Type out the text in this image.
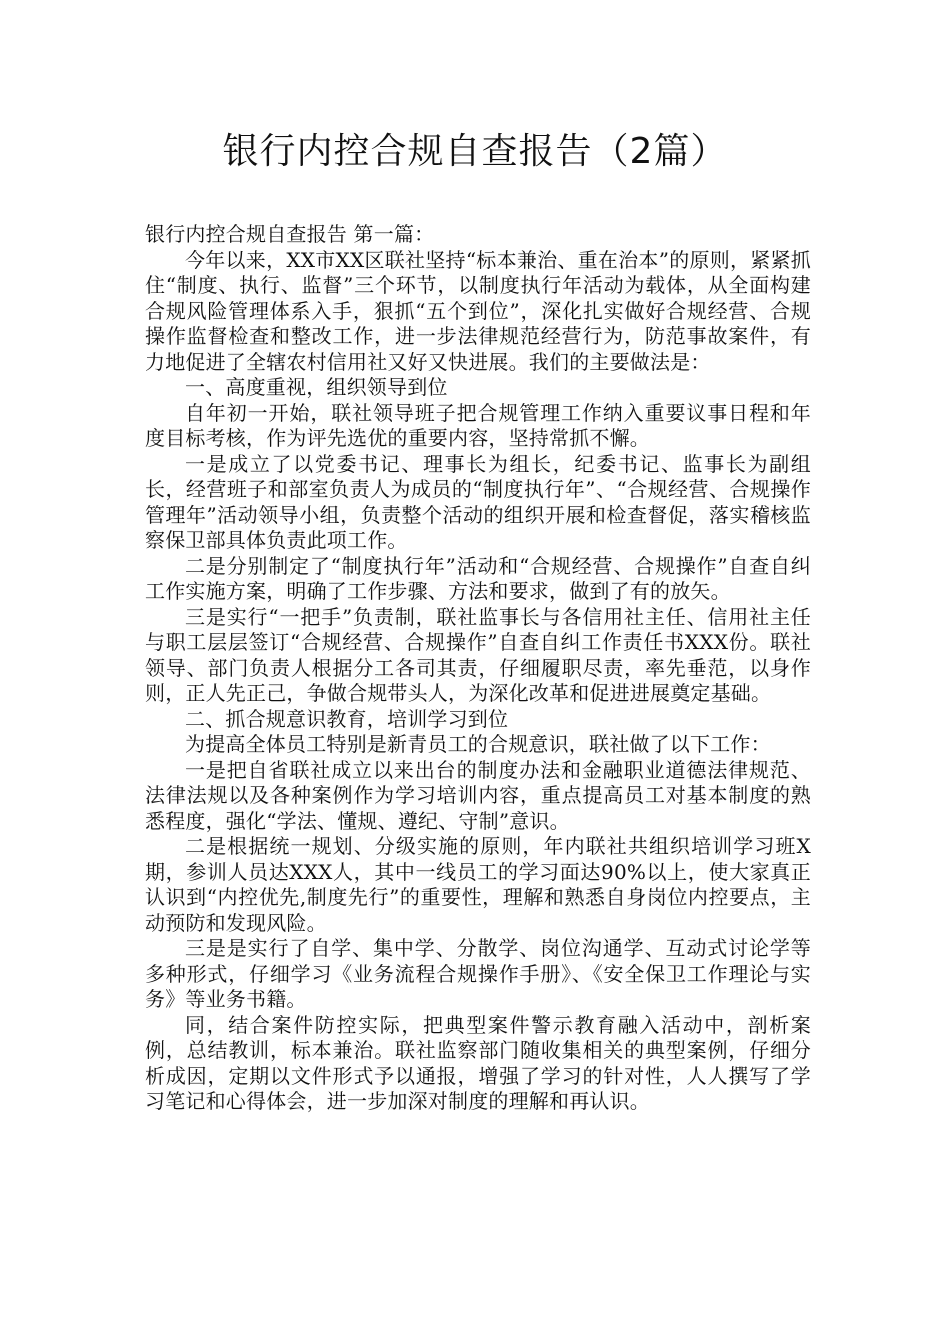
银行内控合规自查报告（2篇）

银行内控合规自查报告 第一篇：

今年以来，XX市XX区联社坚持“标本兼治、重在治本”的原则，紧紧抓住“制度、执行、监督”三个环节，以制度执行年活动为载体，从全面构建合规风险管理体系入手，狠抓“五个到位”，深化扎实做好合规经营、合规操作监督检查和整改工作，进一步法律规范经营行为，防范事故案件，有力地促进了全辖农村信用社又好又快进展。我们的主要做法是：

一、高度重视，组织领导到位

自年初一开始，联社领导班子把合规管理工作纳入重要议事日程和年度目标考核，作为评先选优的重要内容，坚持常抓不懈。

一是成立了以党委书记、理事长为组长，纪委书记、监事长为副组长，经营班子和部室负责人为成员的“制度执行年”、“合规经营、合规操作管理年”活动领导小组，负责整个活动的组织开展和检查督促，落实稽核监察保卫部具体负责此项工作。

二是分别制定了“制度执行年”活动和“合规经营、合规操作”自查自纠工作实施方案，明确了工作步骤、方法和要求，做到了有的放矢。

三是实行“一把手”负责制，联社监事长与各信用社主任、信用社主任与职工层层签订“合规经营、合规操作”自查自纠工作责任书XXX份。联社领导、部门负责人根据分工各司其责，仔细履职尽责，率先垂范，以身作则，正人先正己，争做合规带头人，为深化改革和促进进展奠定基础。

二、抓合规意识教育，培训学习到位

为提高全体员工特别是新青员工的合规意识，联社做了以下工作：

一是把自省联社成立以来出台的制度办法和金融职业道德法律规范、法律法规以及各种案例作为学习培训内容，重点提高员工对基本制度的熟悉程度，强化“学法、懂规、遵纪、守制”意识。

二是根据统一规划、分级实施的原则，年内联社共组织培训学习班X期，参训人员达XXX人，其中一线员工的学习面达90%以上，使大家真正认识到“内控优先,制度先行”的重要性，理解和熟悉自身岗位内控要点，主动预防和发现风险。

三是是实行了自学、集中学、分散学、岗位沟通学、互动式讨论学等多种形式，仔细学习《业务流程合规操作手册》、《安全保卫工作理论与实务》等业务书籍。

同，结合案件防控实际，把典型案件警示教育融入活动中，剖析案例，总结教训，标本兼治。联社监察部门随收集相关的典型案例，仔细分析成因，定期以文件形式予以通报，增强了学习的针对性，人人撰写了学习笔记和心得体会，进一步加深对制度的理解和再认识。
